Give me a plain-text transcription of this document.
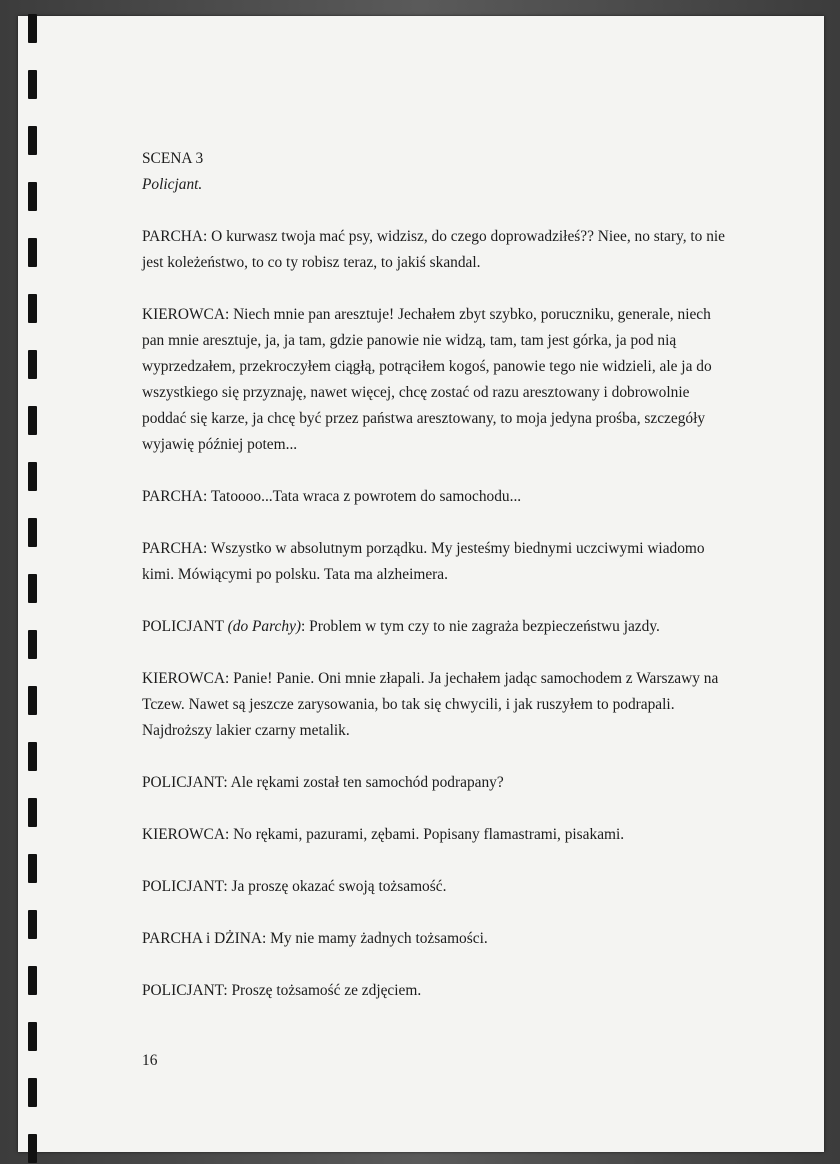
SCENA 3

Policjant.

PARCHA: O kurwasz twoja mać psy, widzisz, do czego doprowadziłeś?? Niee, no stary, to nie jest koleżeństwo, to co ty robisz teraz, to jakiś skandal.

KIEROWCA: Niech mnie pan aresztuje! Jechałem zbyt szybko, poruczniku, generale, niech pan mnie aresztuje, ja, ja tam, gdzie panowie nie widzą, tam, tam jest górka, ja pod nią wyprzedzałem, przekroczyłem ciągłą, potrąciłem kogoś, panowie tego nie widzieli, ale ja do wszystkiego się przyznaję, nawet więcej, chcę zostać od razu aresztowany i dobrowolnie poddać się karze, ja chcę być przez państwa aresztowany, to moja jedyna prośba, szczegóły wyjawię później potem...

PARCHA: Tatoooo...Tata wraca z powrotem do samochodu...

PARCHA: Wszystko w absolutnym porządku. My jesteśmy biednymi uczciwymi wiadomo kimi. Mówiącymi po polsku. Tata ma alzheimera.

POLICJANT (do Parchy): Problem w tym czy to nie zagraża bezpieczeństwu jazdy.

KIEROWCA: Panie! Panie. Oni mnie złapali. Ja jechałem jadąc samochodem z Warszawy na Tczew. Nawet są jeszcze zarysowania, bo tak się chwycili, i jak ruszyłem to podrapali. Najdroższy lakier czarny metalik.

POLICJANT: Ale rękami został ten samochód podrapany?

KIEROWCA: No rękami, pazurami, zębami. Popisany flamastrami, pisakami.

POLICJANT: Ja proszę okazać swoją tożsamość.

PARCHA i DŻINA: My nie mamy żadnych tożsamości.

POLICJANT: Proszę tożsamość ze zdjęciem.

16
